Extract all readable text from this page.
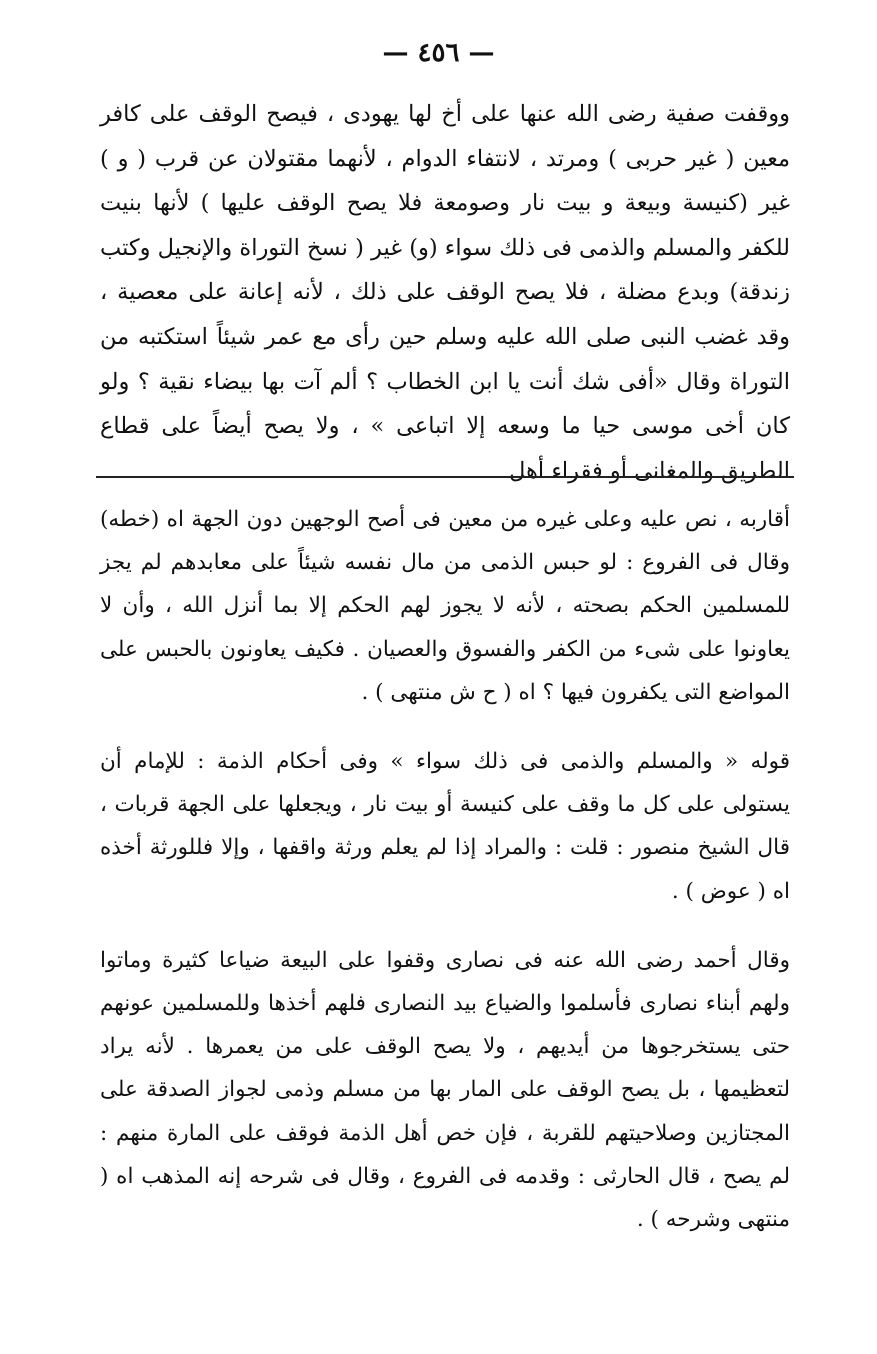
— ٤٥٦ —

ووقفت صفية رضى الله عنها على أخ لها يهودى ، فيصح الوقف على كافر معين ( غير حربى ) ومرتد ، لانتفاء الدوام ، لأنهما مقتولان عن قرب ( و ) غير (كنيسة وبيعة و بيت نار وصومعة فلا يصح الوقف عليها ) لأنها بنيت للكفر والمسلم والذمى فى ذلك سواء (و) غير ( نسخ التوراة والإنجيل وكتب زندقة) وبدع مضلة ، فلا يصح الوقف على ذلك ، لأنه إعانة على معصية ، وقد غضب النبى صلى الله عليه وسلم حين رأى مع عمر شيئاً استكتبه من التوراة وقال «أفى شك أنت يا ابن الخطاب ؟ ألم آت بها بيضاء نقية ؟ ولو كان أخى موسى حيا ما وسعه إلا اتباعى » ، ولا يصح أيضاً على قطاع الطريق والمغانى أو فقراء أهل

أقاربه ، نص عليه وعلى غيره من معين فى أصح الوجهين دون الجهة اه (خطه) وقال فى الفروع : لو حبس الذمى من مال نفسه شيئاً على معابدهم لم يجز للمسلمين الحكم بصحته ، لأنه لا يجوز لهم الحكم إلا بما أنزل الله ، وأن لا يعاونوا على شىء من الكفر والفسوق والعصيان . فكيف يعاونون بالحبس على المواضع التى يكفرون فيها ؟ اه ( ح ش منتهى ) .

قوله « والمسلم والذمى فى ذلك سواء » وفى أحكام الذمة : للإمام أن يستولى على كل ما وقف على كنيسة أو بيت نار ، ويجعلها على الجهة قربات ، قال الشيخ منصور : قلت : والمراد إذا لم يعلم ورثة واقفها ، وإلا فللورثة أخذه اه ( عوض ) .

وقال أحمد رضى الله عنه فى نصارى وقفوا على البيعة ضياعا كثيرة وماتوا ولهم أبناء نصارى فأسلموا والضياع بيد النصارى فلهم أخذها وللمسلمين عونهم حتى يستخرجوها من أيديهم ، ولا يصح الوقف على من يعمرها . لأنه يراد لتعظيمها ، بل يصح الوقف على المار بها من مسلم وذمى لجواز الصدقة على المجتازين وصلاحيتهم للقربة ، فإن خص أهل الذمة فوقف على المارة منهم : لم يصح ، قال الحارثى : وقدمه فى الفروع ، وقال فى شرحه إنه المذهب اه ( منتهى وشرحه ) .
